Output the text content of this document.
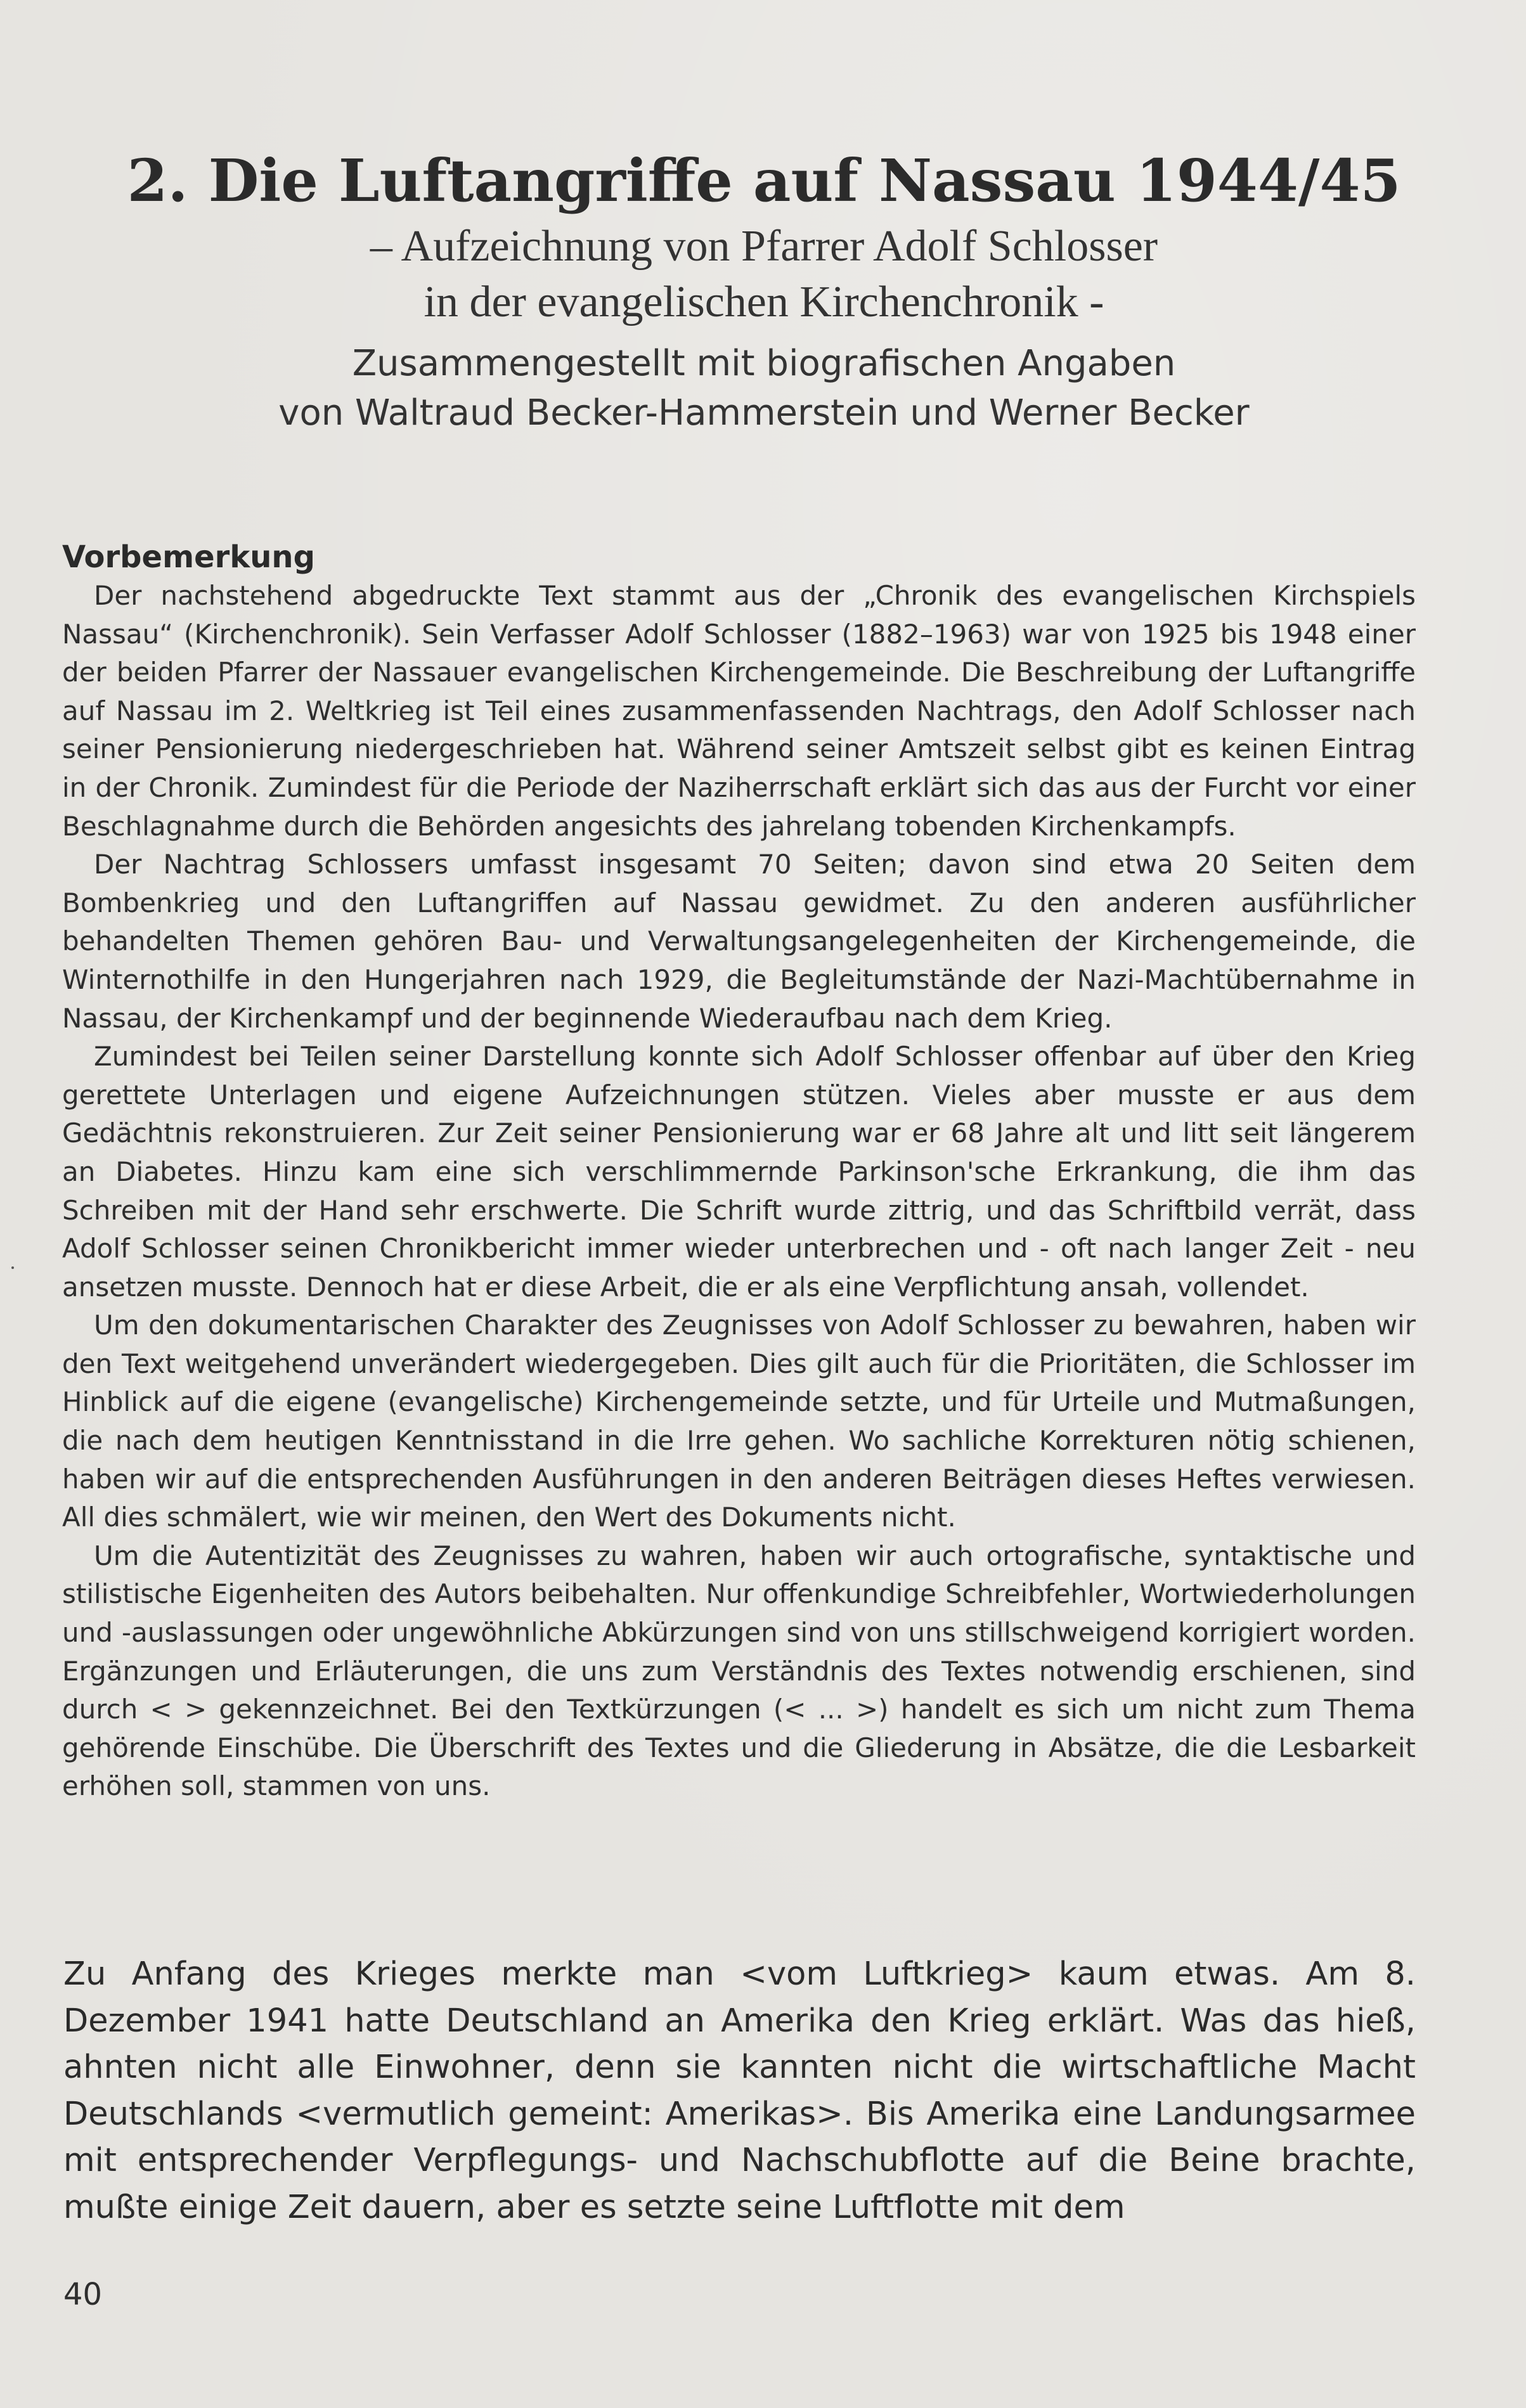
2. Die Luftangriffe auf Nassau 1944/45

– Aufzeichnung von Pfarrer Adolf Schlosser

in der evangelischen Kirchenchronik -

Zusammengestellt mit biografischen Angaben

von Waltraud Becker-Hammerstein und Werner Becker

Vorbemerkung

Der nachstehend abgedruckte Text stammt aus der „Chronik des evangelischen Kirchspiels Nassau“ (Kirchenchronik). Sein Verfasser Adolf Schlosser (1882–1963) war von 1925 bis 1948 einer der beiden Pfarrer der Nassauer evangelischen Kirchengemeinde. Die Beschreibung der Luftangriffe auf Nassau im 2. Weltkrieg ist Teil eines zusammenfassenden Nachtrags, den Adolf Schlosser nach seiner Pensionierung niedergeschrieben hat. Während seiner Amtszeit selbst gibt es keinen Eintrag in der Chronik. Zumindest für die Periode der Naziherrschaft erklärt sich das aus der Furcht vor einer Beschlagnahme durch die Behörden angesichts des jahrelang tobenden Kirchenkampfs.

Der Nachtrag Schlossers umfasst insgesamt 70 Seiten; davon sind etwa 20 Seiten dem Bombenkrieg und den Luftangriffen auf Nassau gewidmet. Zu den anderen ausführlicher behandelten Themen gehören Bau- und Verwaltungsangelegenheiten der Kirchengemeinde, die Winternothilfe in den Hungerjahren nach 1929, die Begleitumstände der Nazi-Machtübernahme in Nassau, der Kirchenkampf und der beginnende Wiederaufbau nach dem Krieg.

Zumindest bei Teilen seiner Darstellung konnte sich Adolf Schlosser offenbar auf über den Krieg gerettete Unterlagen und eigene Aufzeichnungen stützen. Vieles aber musste er aus dem Gedächtnis rekonstruieren. Zur Zeit seiner Pensionierung war er 68 Jahre alt und litt seit längerem an Diabetes. Hinzu kam eine sich verschlimmernde Parkinson'sche Erkrankung, die ihm das Schreiben mit der Hand sehr erschwerte. Die Schrift wurde zittrig, und das Schriftbild verrät, dass Adolf Schlosser seinen Chronikbericht immer wieder unterbrechen und - oft nach langer Zeit - neu ansetzen musste. Dennoch hat er diese Arbeit, die er als eine Verpflichtung ansah, vollendet.

Um den dokumentarischen Charakter des Zeugnisses von Adolf Schlosser zu bewahren, haben wir den Text weitgehend unverändert wiedergegeben. Dies gilt auch für die Prioritäten, die Schlosser im Hinblick auf die eigene (evangelische) Kirchengemeinde setzte, und für Urteile und Mutmaßungen, die nach dem heutigen Kenntnisstand in die Irre gehen. Wo sachliche Korrekturen nötig schienen, haben wir auf die entsprechenden Ausführungen in den anderen Beiträgen dieses Heftes verwiesen. All dies schmälert, wie wir meinen, den Wert des Dokuments nicht.

Um die Autentizität des Zeugnisses zu wahren, haben wir auch ortografische, syntaktische und stilistische Eigenheiten des Autors beibehalten. Nur offenkundige Schreibfehler, Wortwiederholungen und -auslassungen oder ungewöhnliche Abkürzungen sind von uns stillschweigend korrigiert worden. Ergänzungen und Erläuterungen, die uns zum Verständnis des Textes notwendig erschienen, sind durch < > gekennzeichnet. Bei den Textkürzungen (< ... >) handelt es sich um nicht zum Thema gehörende Einschübe. Die Überschrift des Textes und die Gliederung in Absätze, die die Lesbarkeit erhöhen soll, stammen von uns.

Zu Anfang des Krieges merkte man <vom Luftkrieg> kaum etwas. Am 8. Dezember 1941 hatte Deutschland an Amerika den Krieg erklärt. Was das hieß, ahnten nicht alle Einwohner, denn sie kannten nicht die wirtschaftliche Macht Deutschlands <vermutlich gemeint: Amerikas>. Bis Amerika eine Landungsarmee mit entsprechender Verpflegungs- und Nachschubflotte auf die Beine brachte, mußte einige Zeit dauern, aber es setzte seine Luftflotte mit dem

40
